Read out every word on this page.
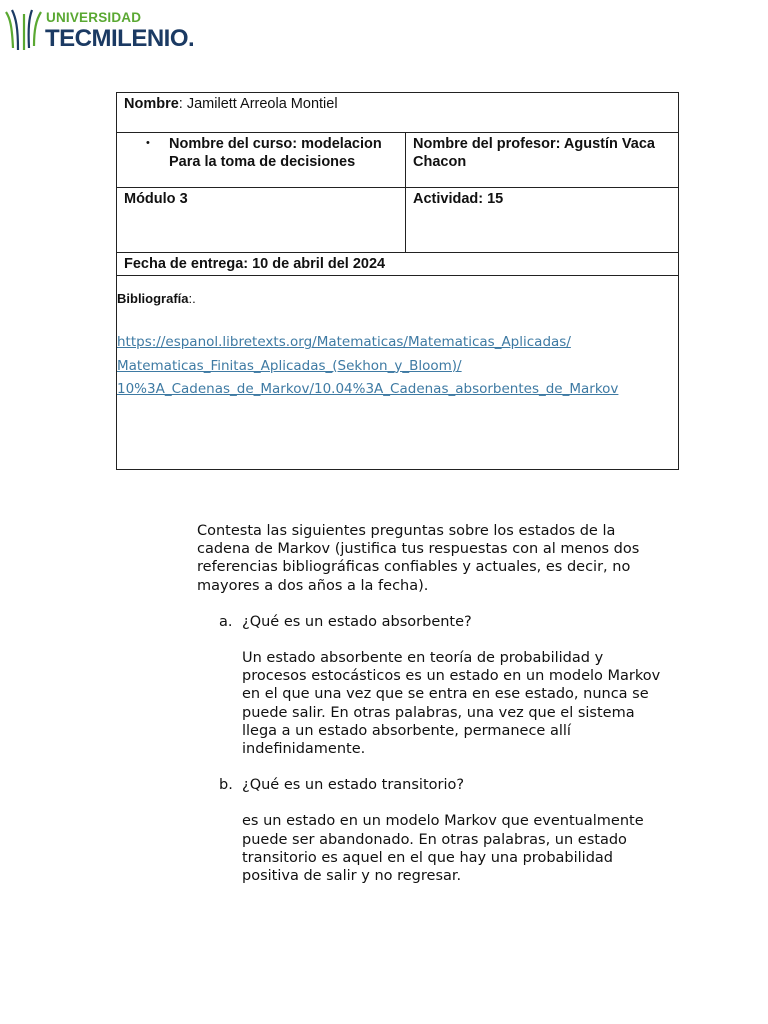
UNIVERSIDAD
TECMILENIO.
Nombre: Jamilett Arreola Montiel	

• Nombre del curso: modelacion Para la toma de decisiones	Nombre del profesor: Agustín Vaca Chacon
Módulo 3	Actividad: 15
Fecha de entrega: 10 de abril del 2024	

Bibliografía:.
https://espanol.libretexts.org/Matematicas/Matematicas_Aplicadas/
Matematicas_Finitas_Aplicadas_(Sekhon_y_Bloom)/
10%3A_Cadenas_de_Markov/10.04%3A_Cadenas_absorbentes_de_Markov	

Contesta las siguientes preguntas sobre los estados de la cadena de Markov (justifica tus respuestas con al menos dos referencias bibliográficas confiables y actuales, es decir, no mayores a dos años a la fecha).

a. ¿Qué es un estado absorbente?

Un estado absorbente en teoría de probabilidad y procesos estocásticos es un estado en un modelo Markov en el que una vez que se entra en ese estado, nunca se puede salir. En otras palabras, una vez que el sistema llega a un estado absorbente, permanece allí indefinidamente.

b. ¿Qué es un estado transitorio?

es un estado en un modelo Markov que eventualmente puede ser abandonado. En otras palabras, un estado transitorio es aquel en el que hay una probabilidad positiva de salir y no regresar.
